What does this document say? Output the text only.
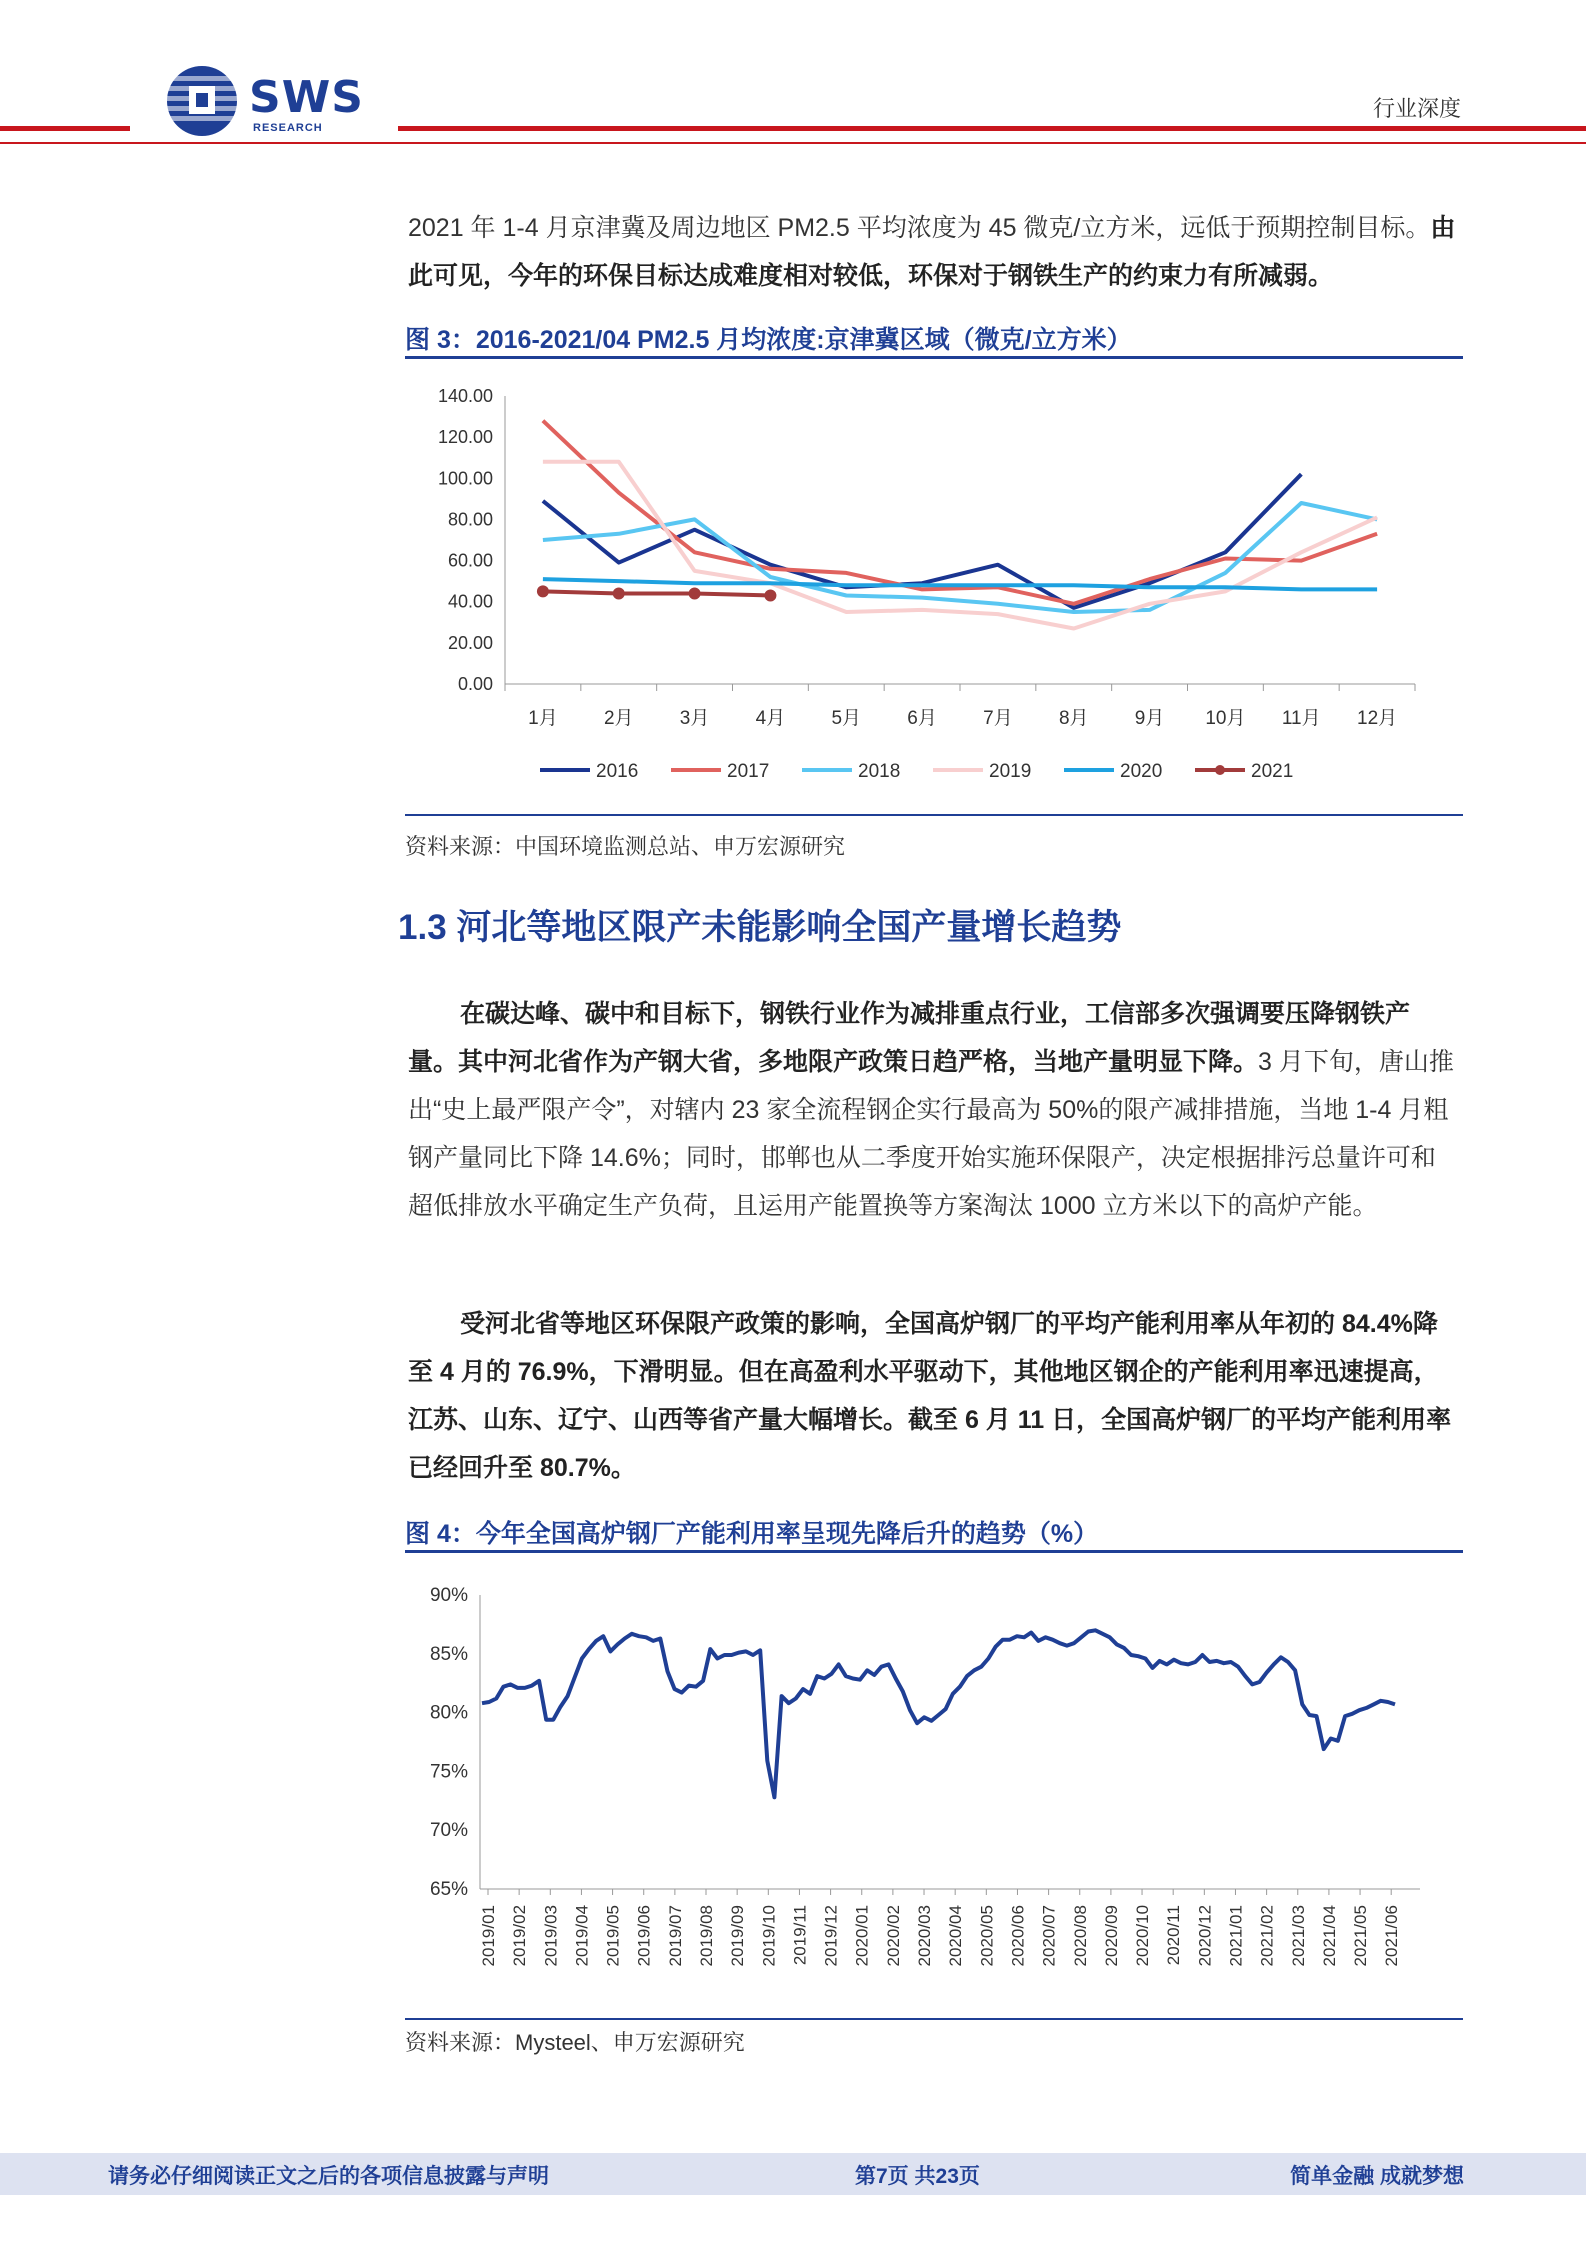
SWS
RESEARCH
行业深度
2021 年 1-4 月京津冀及周边地区 PM2.5 平均浓度为 45 微克/立方米，远低于预期控制目标。由此可见，今年的环保目标达成难度相对较低，环保对于钢铁生产的约束力有所减弱。
图 3：2016-2021/04 PM2.5 月均浓度:京津冀区域（微克/立方米）
0.00
20.00
40.00
60.00
80.00
100.00
120.00
140.00
1月 2月 3月 4月 5月 6月 7月 8月 9月 10月 11月 12月
2016	2017	2018	2019	2020	2021
资料来源：中国环境监测总站、申万宏源研究
1.3 河北等地区限产未能影响全国产量增长趋势
在碳达峰、碳中和目标下，钢铁行业作为减排重点行业，工信部多次强调要压降钢铁产量。其中河北省作为产钢大省，多地限产政策日趋严格，当地产量明显下降。3 月下旬，唐山推出“史上最严限产令”，对辖内 23 家全流程钢企实行最高为 50%的限产减排措施，当地 1-4 月粗钢产量同比下降 14.6%；同时，邯郸也从二季度开始实施环保限产，决定根据排污总量许可和超低排放水平确定生产负荷，且运用产能置换等方案淘汰 1000 立方米以下的高炉产能。
受河北省等地区环保限产政策的影响，全国高炉钢厂的平均产能利用率从年初的 84.4%降至 4 月的 76.9%，下滑明显。但在高盈利水平驱动下，其他地区钢企的产能利用率迅速提高，江苏、山东、辽宁、山西等省产量大幅增长。截至 6 月 11 日，全国高炉钢厂的平均产能利用率已经回升至 80.7%。
图 4：今年全国高炉钢厂产能利用率呈现先降后升的趋势（%）
65%
70%
75%
80%
85%
90%
2019/01 2019/02 2019/03 2019/04 2019/05 2019/06 2019/07 2019/08 2019/09 2019/10 2019/11 2019/12 2020/01 2020/02 2020/03 2020/04 2020/05 2020/06 2020/07 2020/08 2020/09 2020/10 2020/11 2020/12 2021/01 2021/02 2021/03 2021/04 2021/05 2021/06
资料来源：Mysteel、申万宏源研究
请务必仔细阅读正文之后的各项信息披露与声明	第7页 共23页	简单金融 成就梦想
